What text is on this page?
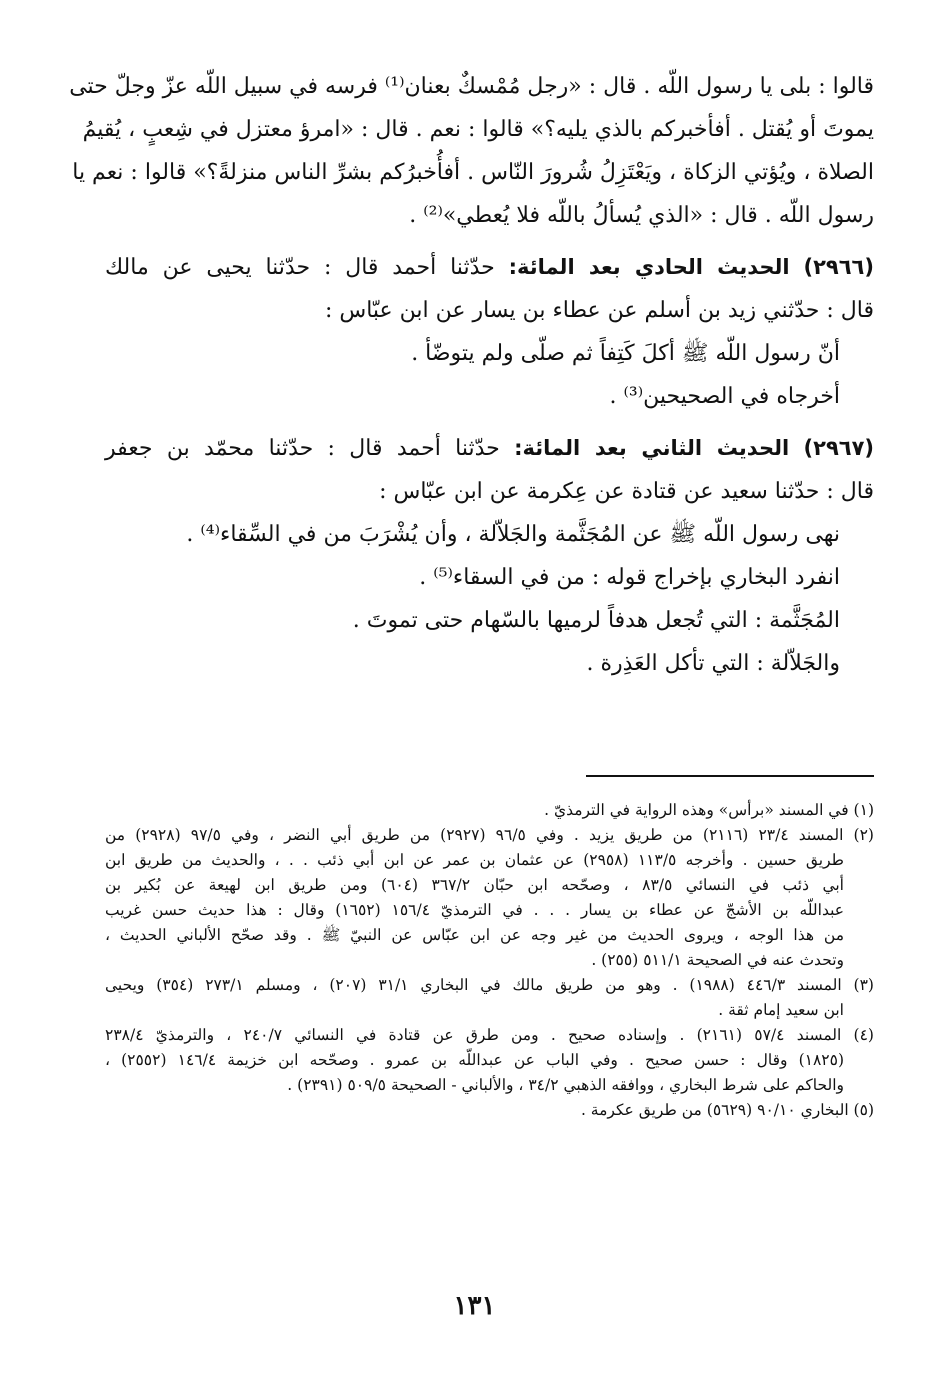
قالوا : بلى يا رسول اللّه . قال : «رجل مُمْسكٌ بعنان⁽¹⁾ فرسه في سبيل اللّه عزّ وجلّ حتى
يموتَ أو يُقتل . أفأخبركم بالذي يليه؟» قالوا : نعم . قال : «امرؤ معتزل في شِعبٍ ، يُقيمُ
الصلاة ، ويُؤتي الزكاة ، ويَعْتَزِلُ شُرورَ النّاس . أفأُخبرُكم بشرِّ الناس منزلةً؟» قالوا : نعم يا
رسول اللّه . قال : «الذي يُسألُ باللّه فلا يُعطي»⁽²⁾ .
(٢٩٦٦) الحديث الحادي بعد المائة: حدّثنا أحمد قال : حدّثنا يحيى عن مالك
قال : حدّثني زيد بن أسلم عن عطاء بن يسار عن ابن عبّاس :
أنّ رسول اللّه ﷺ أكلَ كَتِفاً ثم صلّى ولم يتوضّأ .
أخرجاه في الصحيحين⁽³⁾ .
(٢٩٦٧) الحديث الثاني بعد المائة: حدّثنا أحمد قال : حدّثنا محمّد بن جعفر
قال : حدّثنا سعيد عن قتادة عن عِكرمة عن ابن عبّاس :
نهى رسول اللّه ﷺ عن المُجَثَّمة والجَلاّلة ، وأن يُشْرَبَ من في السِّقاء⁽⁴⁾ .
انفرد البخاري بإخراج قوله : من في السقاء⁽⁵⁾ .
المُجَثَّمة : التي تُجعل هدفاً لرميها بالسّهام حتى تموتَ .
والجَلاّلة : التي تأكل العَذِرة .
(١) في المسند «برأس» وهذه الرواية في الترمذيّ .
(٢) المسند ٢٣/٤ (٢١١٦) من طريق يزيد . وفي ٩٦/٥ (٢٩٢٧) من طريق أبي النضر ، وفي ٩٧/٥ (٢٩٢٨) من
طريق حسين . وأخرجه ١١٣/٥ (٢٩٥٨) عن عثمان بن عمر عن ابن أبي ذئب . . ، والحديث من طريق ابن
أبي ذئب في النسائي ٨٣/٥ ، وصحّحه ابن حبّان ٣٦٧/٢ (٦٠٤) ومن طريق ابن لهيعة عن بُكير بن
عبداللّه بن الأشجّ عن عطاء بن يسار . . . في الترمذيّ ١٥٦/٤ (١٦٥٢) وقال : هذا حديث حسن غريب
من هذا الوجه ، ويروى الحديث من غير وجه عن ابن عبّاس عن النبيّ ﷺ . وقد صحّح الألباني الحديث ،
وتحدث عنه في الصحيحة ٥١١/١ (٢٥٥) .
(٣) المسند ٤٤٦/٣ (١٩٨٨) . وهو من طريق مالك في البخاري ٣١/١ (٢٠٧) ، ومسلم ٢٧٣/١ (٣٥٤) ويحيى
ابن سعيد إمام ثقة .
(٤) المسند ٥٧/٤ (٢١٦١) . وإسناده صحيح . ومن طرق عن قتادة في النسائي ٢٤٠/٧ ، والترمذيّ ٢٣٨/٤
(١٨٢٥) وقال : حسن صحيح . وفي الباب عن عبداللّه بن عمرو . وصحّحه ابن خزيمة ١٤٦/٤ (٢٥٥٢) ،
والحاكم على شرط البخاري ، ووافقه الذهبي ٣٤/٢ ، والألباني - الصحيحة ٥٠٩/٥ (٢٣٩١) .
(٥) البخاري ٩٠/١٠ (٥٦٢٩) من طريق عكرمة .
١٣١
